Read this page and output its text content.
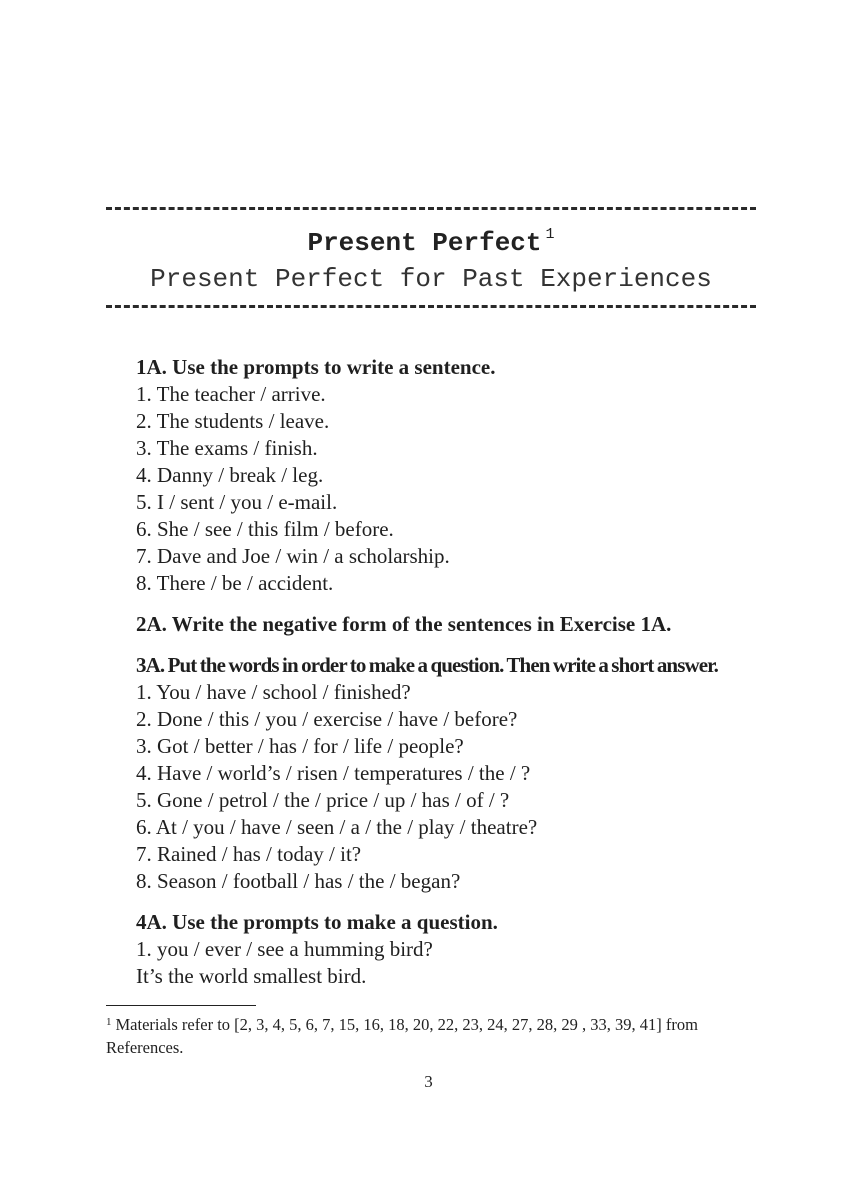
Present Perfect $^1$
Present Perfect for Past Experiences

1A. Use the prompts to write a sentence.

1. The teacher / arrive.

2. The students / leave.

3. The exams / finish.

4. Danny / break / leg.

5. I / sent / you / e-mail.

6. She / see / this film / before.

7. Dave and Joe / win / a scholarship.

8. There / be / accident.

2A. Write the negative form of the sentences in Exercise 1A.

3A. Put the words in order to make a question. Then write a short answer.

1. You / have / school / finished?

2. Done / this / you / exercise / have / before?

3. Got / better / has / for / life / people?

4. Have / world’s / risen / temperatures / the / ?

5. Gone / petrol / the / price / up / has / of / ?

6. At / you / have / seen / a / the / play / theatre?

7. Rained / has / today / it?

8. Season / football / has / the / began?

4A. Use the prompts to make a question.

1. you / ever / see a humming bird?

It’s the world smallest bird.

$^1$ Materials refer to [2, 3, 4, 5, 6, 7, 15, 16, 18, 20, 22, 23, 24, 27, 28, 29 , 33, 39, 41] from References.
3
